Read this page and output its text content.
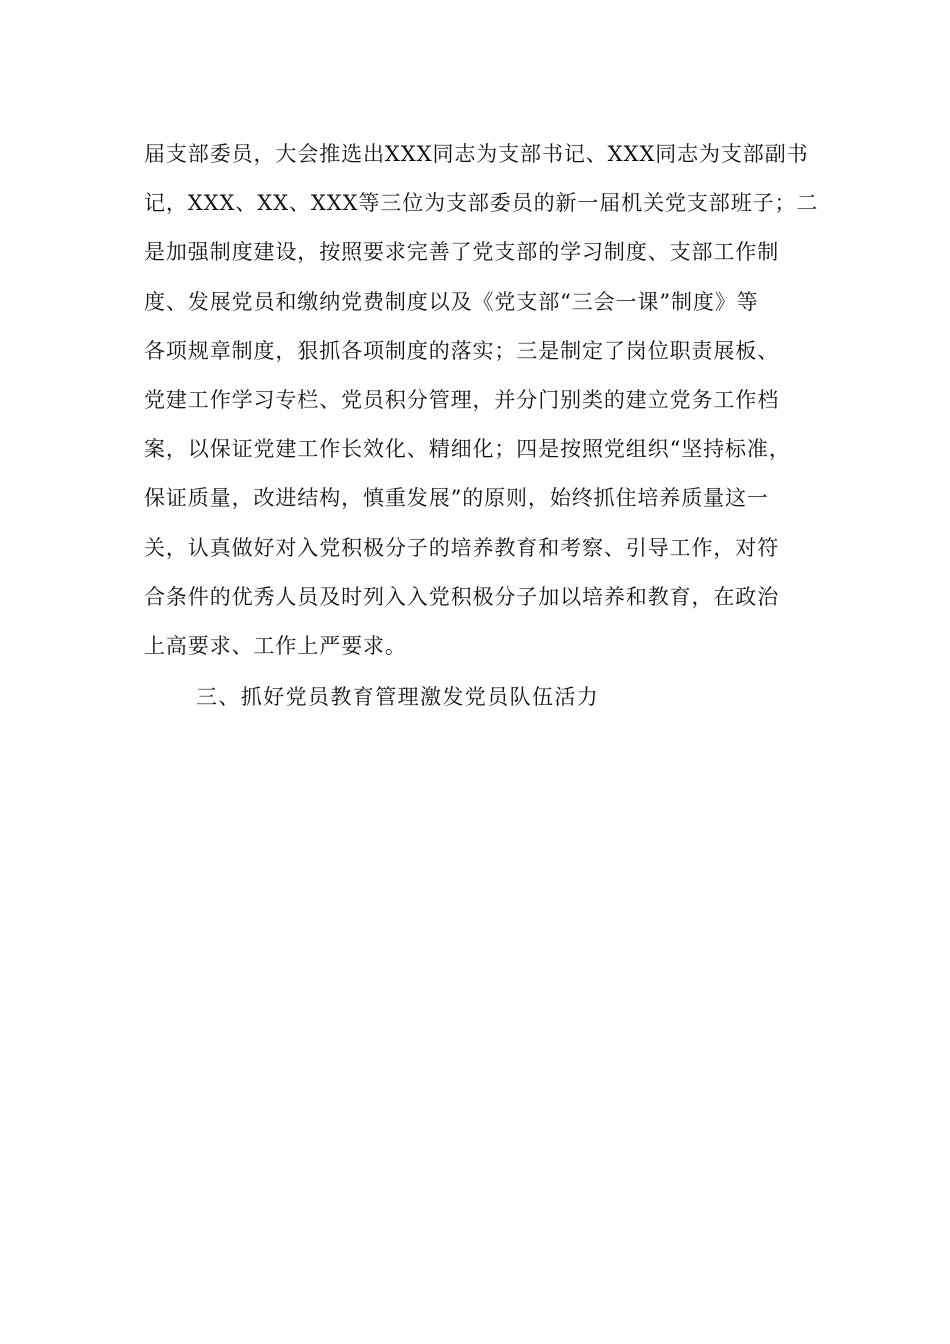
届支部委员，大会推选出XXX同志为支部书记、XXX同志为支部副书
记，XXX、XX、XXX等三位为支部委员的新一届机关党支部班子；二
是加强制度建设，按照要求完善了党支部的学习制度、支部工作制
度、发展党员和缴纳党费制度以及《党支部“三会一课”制度》等
各项规章制度，狠抓各项制度的落实；三是制定了岗位职责展板、
党建工作学习专栏、党员积分管理，并分门别类的建立党务工作档
案，以保证党建工作长效化、精细化；四是按照党组织“坚持标准，
保证质量，改进结构，慎重发展”的原则，始终抓住培养质量这一
关，认真做好对入党积极分子的培养教育和考察、引导工作，对符
合条件的优秀人员及时列入入党积极分子加以培养和教育，在政治
上高要求、工作上严要求。
三、抓好党员教育管理激发党员队伍活力
